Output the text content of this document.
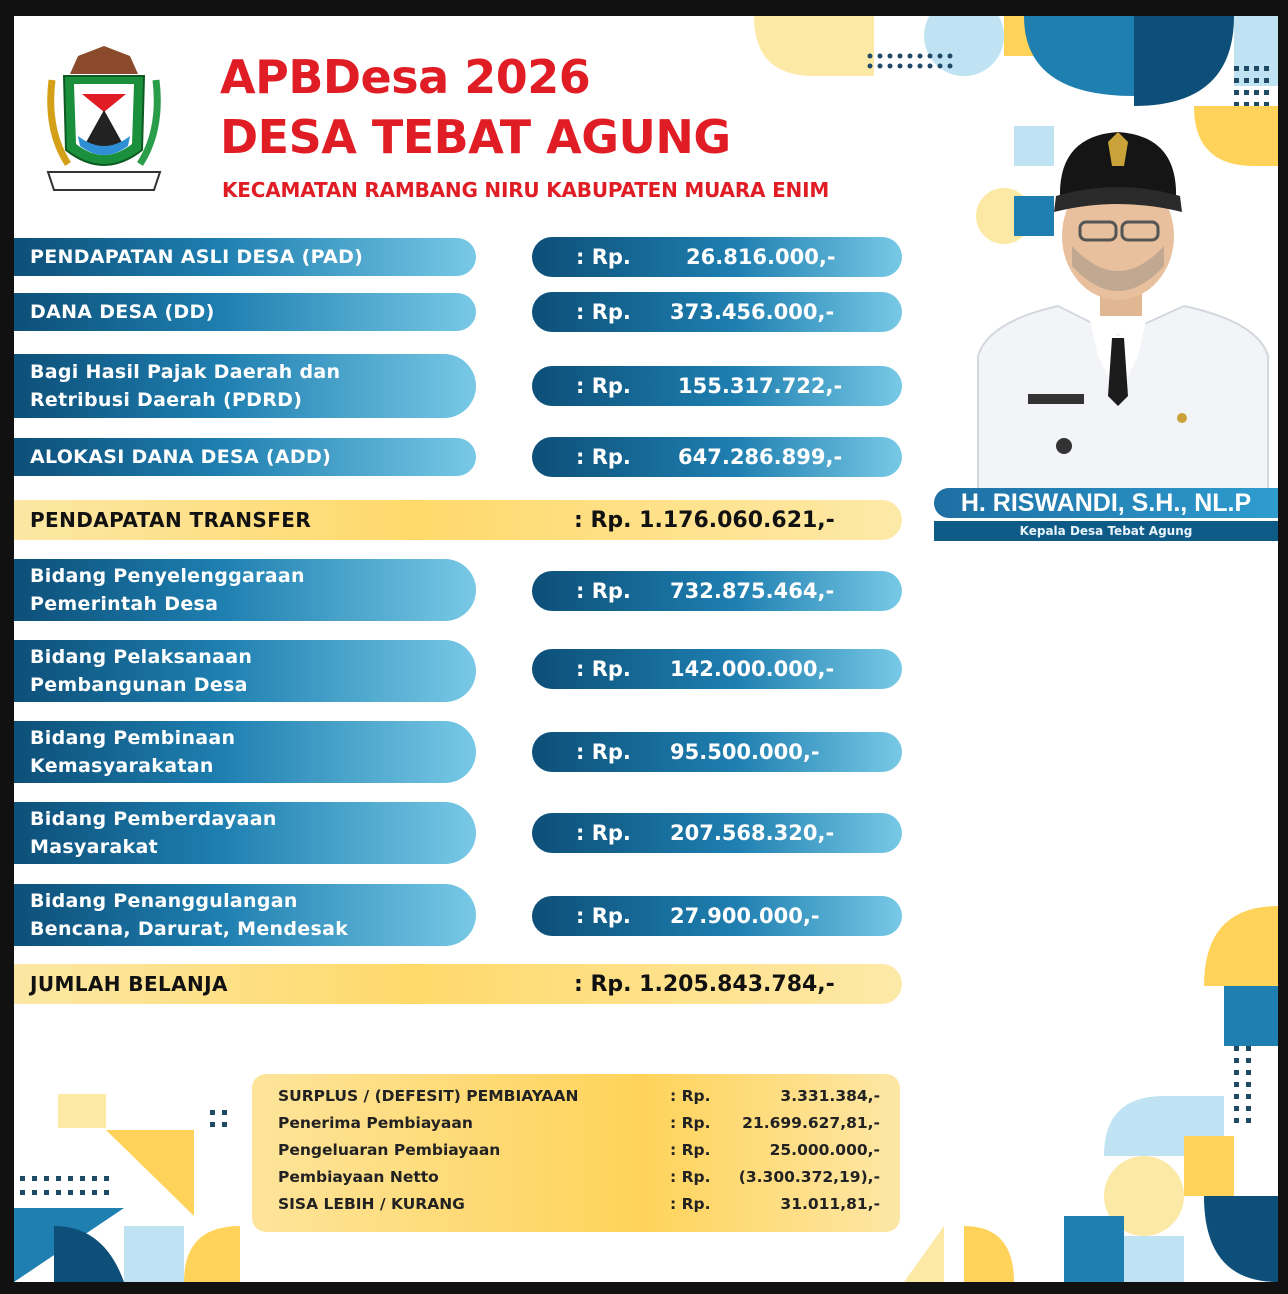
APBDesa 2026
DESA TEBAT AGUNG
KECAMATAN RAMBANG NIRU KABUPATEN MUARA ENIM
PENDAPATAN ASLI DESA (PAD)	: Rp.	26.816.000,-
DANA DESA (DD)	: Rp. 373.456.000,-
Bagi Hasil Pajak Daerah dan
Retribusi Daerah (PDRD)
: Rp. 155.317.722,-
ALOKASI DANA DESA (ADD)	: Rp. 647.286.899,-
PENDAPATAN TRANSFER	: Rp. 1.176.060.621,-
Bidang Penyelenggaraan
Pemerintah Desa
: Rp. 732.875.464,-
Bidang Pelaksanaan
Pembangunan Desa
: Rp. 142.000.000,-
Bidang Pembinaan
Kemasyarakatan
: Rp. 95.500.000,-
Bidang Pemberdayaan
Masyarakat
: Rp. 207.568.320,-
Bidang Penanggulangan
Bencana, Darurat, Mendesak
: Rp. 27.900.000,-
JUMLAH BELANJA	: Rp. 1.205.843.784,-
H. RISWANDI, S.H., NL.P
Kepala Desa Tebat Agung
SURPLUS / (DEFESIT) PEMBIAYAAN	: Rp.	3.331.384,-
Penerima Pembiayaan	: Rp. 21.699.627,81,-
Pengeluaran Pembiayaan	: Rp.	25.000.000,-
Pembiayaan Netto	: Rp. (3.300.372,19),-
SISA LEBIH / KURANG	: Rp.	31.011,81,-
